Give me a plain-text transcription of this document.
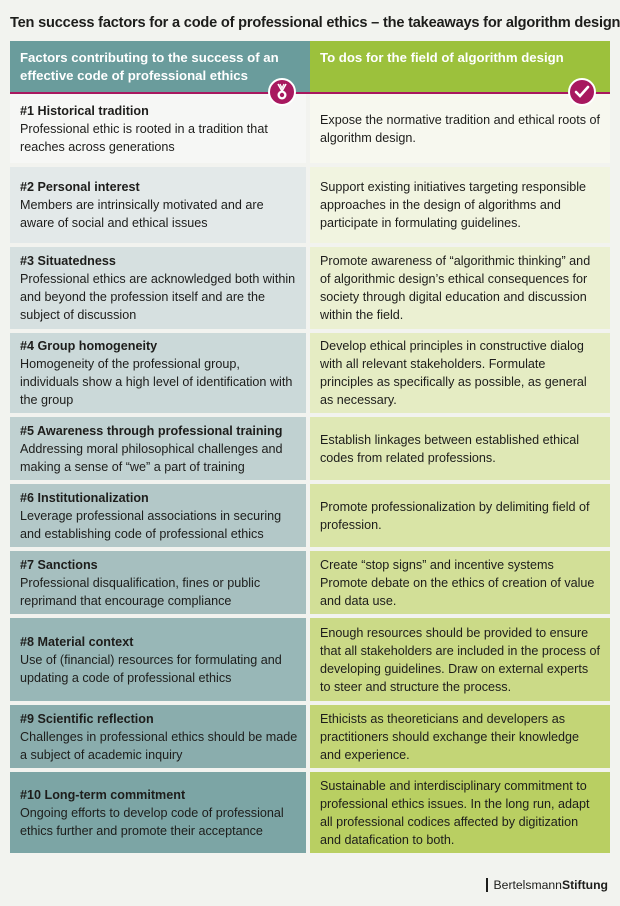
Ten success factors for a code of professional ethics – the takeaways for algorithm design
Factors contributing to the success of an effective code of professional ethics
To dos for the field of algorithm design
#1 Historical tradition
Professional ethic is rooted in a tradition that reaches across generations
Expose the normative tradition and ethical roots of algorithm design.
#2 Personal interest
Members are intrinsically motivated and are aware of social and ethical issues
Support existing initiatives targeting responsible approaches in the design of algorithms and participate in formulating guidelines.
#3 Situatedness
Professional ethics are acknowledged both within and beyond the profession itself and are the subject of discussion
Promote awareness of “algorithmic thinking” and of algorithmic design’s ethical consequences for society through digital education and discussion within the field.
#4 Group homogeneity
Homogeneity of the professional group, individuals show a high level of identification with the group
Develop ethical principles in constructive dialog with all relevant stakeholders. Formulate principles as specifically as possible, as general as necessary.
#5 Awareness through professional training
Addressing moral philosophical challenges and making a sense of “we” a part of training
Establish linkages between established ethical codes from related professions.
#6 Institutionalization
Leverage professional associations in securing and establishing code of professional ethics
Promote professionalization by delimiting field of profession.
#7 Sanctions
Professional disqualification, fines or public reprimand that encourage compliance
Create “stop signs” and incentive systems Promote debate on the ethics of creation of value and data use.
#8 Material context
Use of (financial) resources for formulating and updating a code of professional ethics
Enough resources should be provided to ensure that all stakeholders are included in the process of developing guidelines. Draw on external experts to steer and structure the process.
#9 Scientific reflection
Challenges in professional ethics should be made a subject of academic inquiry
Ethicists as theoreticians and developers as practitioners should exchange their knowledge and experience.
#10 Long-term commitment
Ongoing efforts to develop code of professional ethics further and promote their acceptance
Sustainable and interdisciplinary commitment to professional ethics issues. In the long run, adapt all professional codices affected by digitization and datafication to both.
BertelsmannStiftung
